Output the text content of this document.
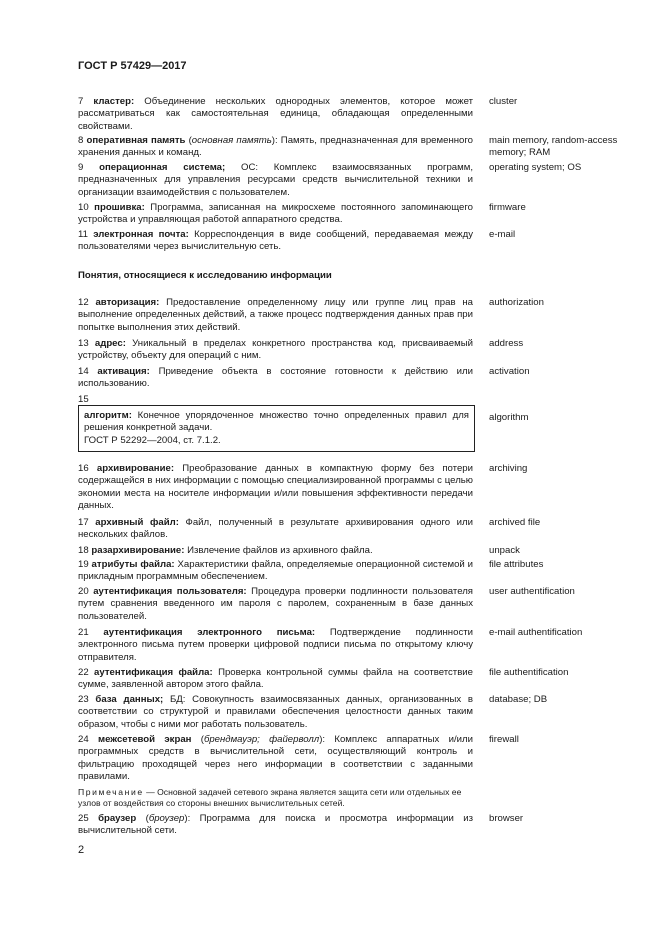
ГОСТ Р 57429—2017
7 кластер: Объединение нескольких однородных элементов, которое может рассматриваться как самостоятельная единица, обладающая определенными свойствами.
cluster
8 оперативная память (основная память): Память, предназначенная для временного хранения данных и команд.
main memory, random-access memory; RAM
9 операционная система; ОС: Комплекс взаимосвязанных программ, предназначенных для управления ресурсами средств вычислительной техники и организации взаимодействия с пользователем.
operating system; OS
10 прошивка: Программа, записанная на микросхеме постоянного запоминающего устройства и управляющая работой аппаратного средства.
firmware
11 электронная почта: Корреспонденция в виде сообщений, передаваемая между пользователями через вычислительную сеть.
e-mail
Понятия, относящиеся к исследованию информации
12 авторизация: Предоставление определенному лицу или группе лиц прав на выполнение определенных действий, а также процесс подтверждения данных прав при попытке выполнения этих действий.
authorization
13 адрес: Уникальный в пределах конкретного пространства код, присваиваемый устройству, объекту для операций с ним.
address
14 активация: Приведение объекта в состояние готовности к действию или использованию.
activation
15
алгоритм: Конечное упорядоченное множество точно определенных правил для решения конкретной задачи.
ГОСТ Р 52292—2004, ст. 7.1.2.
algorithm
16 архивирование: Преобразование данных в компактную форму без потери содержащейся в них информации с помощью специализированной программы с целью экономии места на носителе информации и/или повышения эффективности передачи данных.
archiving
17 архивный файл: Файл, полученный в результате архивирования одного или нескольких файлов.
archived file
18 разархивирование: Извлечение файлов из архивного файла.	unpack
19 атрибуты файла: Характеристики файла, определяемые операционной системой и прикладным программным обеспечением.
file attributes
20 аутентификация пользователя: Процедура проверки подлинности пользователя путем сравнения введенного им пароля с паролем, сохраненным в базе данных пользователей.
user authentification
21 аутентификация электронного письма: Подтверждение подлинности электронного письма путем проверки цифровой подписи письма по открытому ключу отправителя.
e-mail authentification
22 аутентификация файла: Проверка контрольной суммы файла на соответствие сумме, заявленной автором этого файла.
file authentification
23 база данных; БД: Совокупность взаимосвязанных данных, организованных в соответствии со структурой и правилами обеспечения целостности данных таким образом, чтобы с ними мог работать пользователь.
database; DB
24 межсетевой экран (брендмауэр; файерволл): Комплекс аппаратных и/или программных средств в вычислительной сети, осуществляющий контроль и фильтрацию проходящей через него информации в соответствии с заданными правилами.
firewall
Примечание — Основной задачей сетевого экрана является защита сети или отдельных ее узлов от воздействия со стороны внешних вычислительных сетей.
25 браузер (броузер): Программа для поиска и просмотра информации из вычислительной сети.
browser
2
